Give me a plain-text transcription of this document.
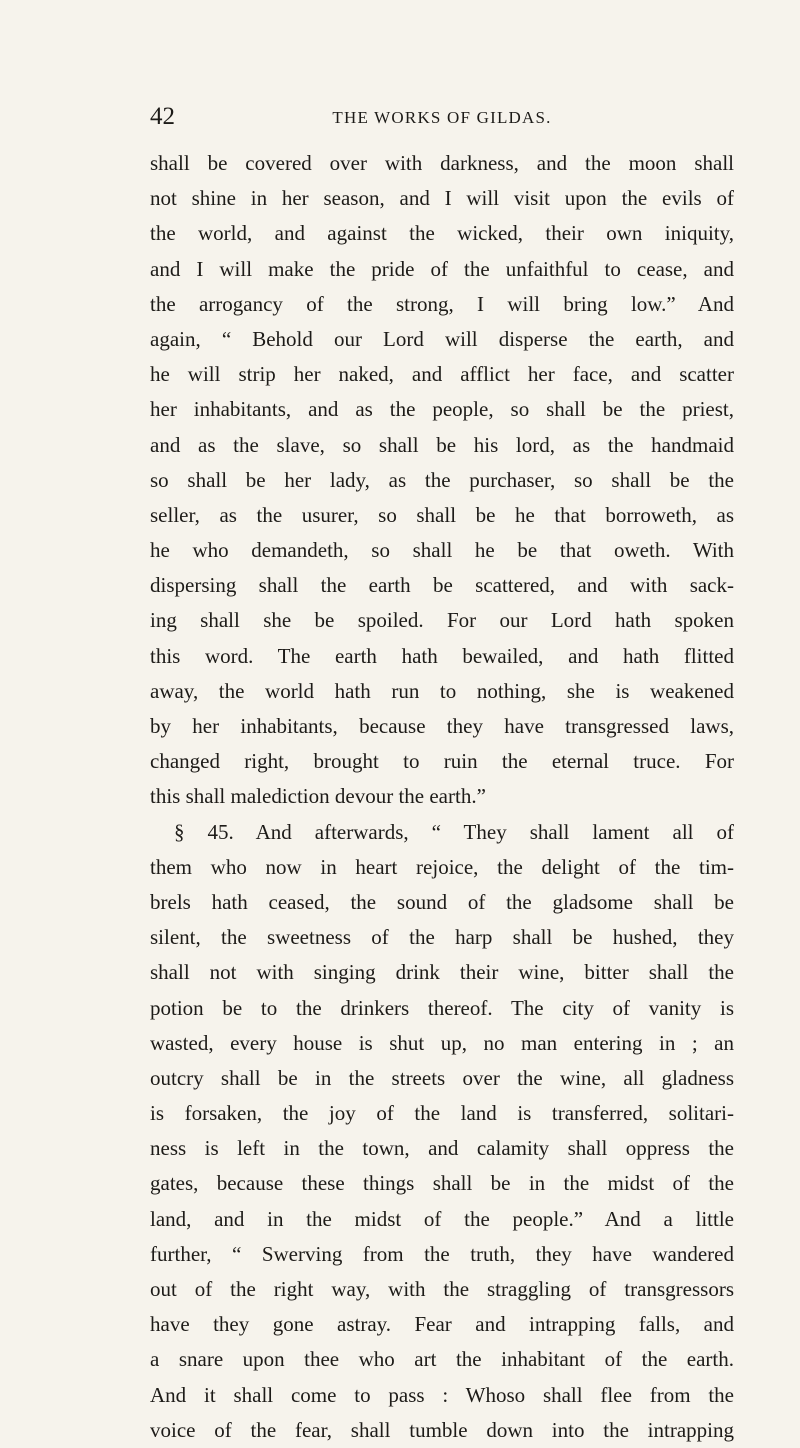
42	THE WORKS OF GILDAS.
shall be covered over with darkness, and the moon shall
not shine in her season, and I will visit upon the evils of
the world, and against the wicked, their own iniquity,
and I will make the pride of the unfaithful to cease, and
the arrogancy of the strong, I will bring low.” And
again, “ Behold our Lord will disperse the earth, and
he will strip her naked, and afflict her face, and scatter
her inhabitants, and as the people, so shall be the priest,
and as the slave, so shall be his lord, as the handmaid
so shall be her lady, as the purchaser, so shall be the
seller, as the usurer, so shall be he that borroweth, as
he who demandeth, so shall he be that oweth. With
dispersing shall the earth be scattered, and with sack-
ing shall she be spoiled. For our Lord hath spoken
this word. The earth hath bewailed, and hath flitted
away, the world hath run to nothing, she is weakened
by her inhabitants, because they have transgressed laws,
changed right, brought to ruin the eternal truce. For
this shall malediction devour the earth.”
§ 45. And afterwards, “ They shall lament all of
them who now in heart rejoice, the delight of the tim-
brels hath ceased, the sound of the gladsome shall be
silent, the sweetness of the harp shall be hushed, they
shall not with singing drink their wine, bitter shall the
potion be to the drinkers thereof. The city of vanity is
wasted, every house is shut up, no man entering in ; an
outcry shall be in the streets over the wine, all gladness
is forsaken, the joy of the land is transferred, solitari-
ness is left in the town, and calamity shall oppress the
gates, because these things shall be in the midst of the
land, and in the midst of the people.” And a little
further, “ Swerving from the truth, they have wandered
out of the right way, with the straggling of transgressors
have they gone astray. Fear and intrapping falls, and
a snare upon thee who art the inhabitant of the earth.
And it shall come to pass : Whoso shall flee from the
voice of the fear, shall tumble down into the intrapping
